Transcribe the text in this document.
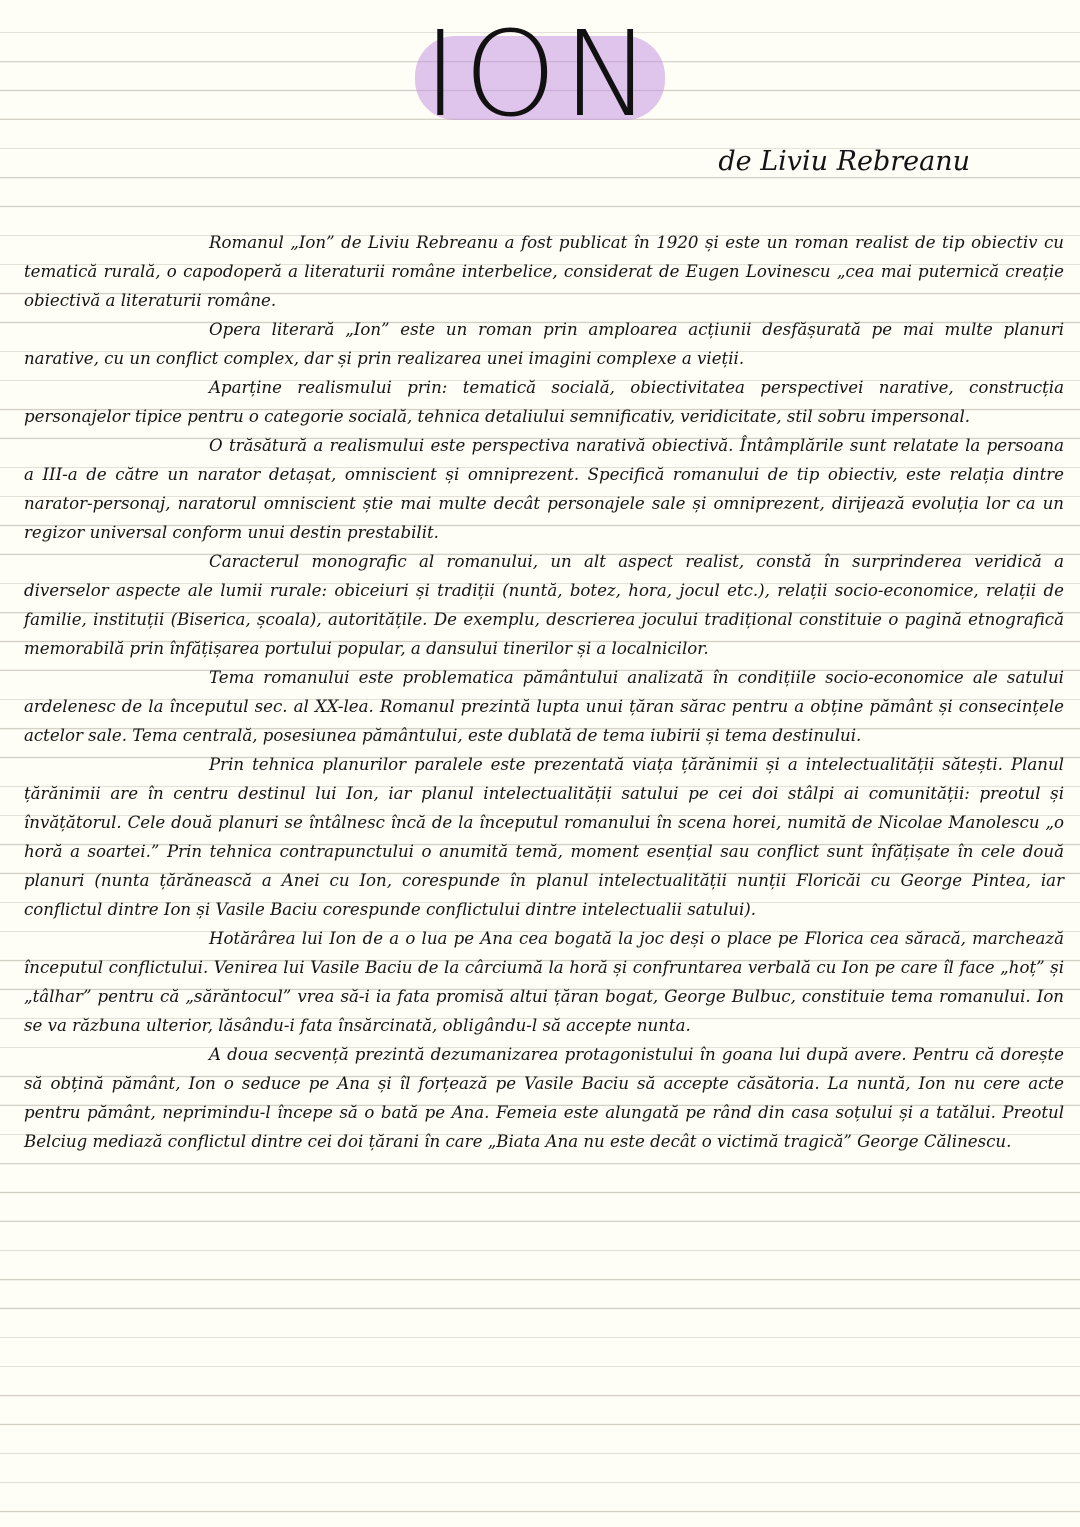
ION
de Liviu Rebreanu

Romanul „Ion” de Liviu Rebreanu a fost publicat în 1920 și este un roman realist de tip obiectiv cu tematică rurală, o capodoperă a literaturii române interbelice, considerat de Eugen Lovinescu „cea mai puternică creație obiectivă a literaturii române.

Opera literară „Ion” este un roman prin amploarea acțiunii desfășurată pe mai multe planuri narative, cu un conflict complex, dar și prin realizarea unei imagini complexe a vieții.

Aparține realismului prin: tematică socială, obiectivitatea perspectivei narative, construcția personajelor tipice pentru o categorie socială, tehnica detaliului semnificativ, veridicitate, stil sobru impersonal.

O trăsătură a realismului este perspectiva narativă obiectivă. Întâmplările sunt relatate la persoana a III-a de către un narator detașat, omniscient și omniprezent. Specifică romanului de tip obiectiv, este relația dintre narator-personaj, naratorul omniscient știe mai multe decât personajele sale și omniprezent, dirijează evoluția lor ca un regizor universal conform unui destin prestabilit.

Caracterul monografic al romanului, un alt aspect realist, constă în surprinderea veridică a diverselor aspecte ale lumii rurale: obiceiuri și tradiții (nuntă, botez, hora, jocul etc.), relații socio-economice, relații de familie, instituții (Biserica, școala), autoritățile. De exemplu, descrierea jocului tradițional constituie o pagină etnografică memorabilă prin înfățișarea portului popular, a dansului tinerilor și a localnicilor.

Tema romanului este problematica pământului analizată în condițiile socio-economice ale satului ardelenesc de la începutul sec. al XX-lea. Romanul prezintă lupta unui țăran sărac pentru a obține pământ și consecințele actelor sale. Tema centrală, posesiunea pământului, este dublată de tema iubirii și tema destinului.

Prin tehnica planurilor paralele este prezentată viața țărănimii și a intelectualității sătești. Planul țărănimii are în centru destinul lui Ion, iar planul intelectualității satului pe cei doi stâlpi ai comunității: preotul și învățătorul. Cele două planuri se întâlnesc încă de la începutul romanului în scena horei, numită de Nicolae Manolescu „o horă a soartei.” Prin tehnica contrapunctului o anumită temă, moment esențial sau conflict sunt înfățișate în cele două planuri (nunta țărănească a Anei cu Ion, corespunde în planul intelectualității nunții Floricăi cu George Pintea, iar conflictul dintre Ion și Vasile Baciu corespunde conflictului dintre intelectualii satului).

Hotărârea lui Ion de a o lua pe Ana cea bogată la joc deși o place pe Florica cea săracă, marchează începutul conflictului. Venirea lui Vasile Baciu de la cârciumă la horă și confruntarea verbală cu Ion pe care îl face „hoț” și „tâlhar” pentru că „sărăntocul” vrea să-i ia fata promisă altui țăran bogat, George Bulbuc, constituie tema romanului. Ion se va răzbuna ulterior, lăsându-i fata însărcinată, obligându-l să accepte nunta.

A doua secvență prezintă dezumanizarea protagonistului în goana lui după avere. Pentru că dorește să obțină pământ, Ion o seduce pe Ana și îl forțează pe Vasile Baciu să accepte căsătoria. La nuntă, Ion nu cere acte pentru pământ, neprimindu-l începe să o bată pe Ana. Femeia este alungată pe rând din casa soțului și a tatălui. Preotul Belciug mediază conflictul dintre cei doi țărani în care „Biata Ana nu este decât o victimă tragică” George Călinescu.
